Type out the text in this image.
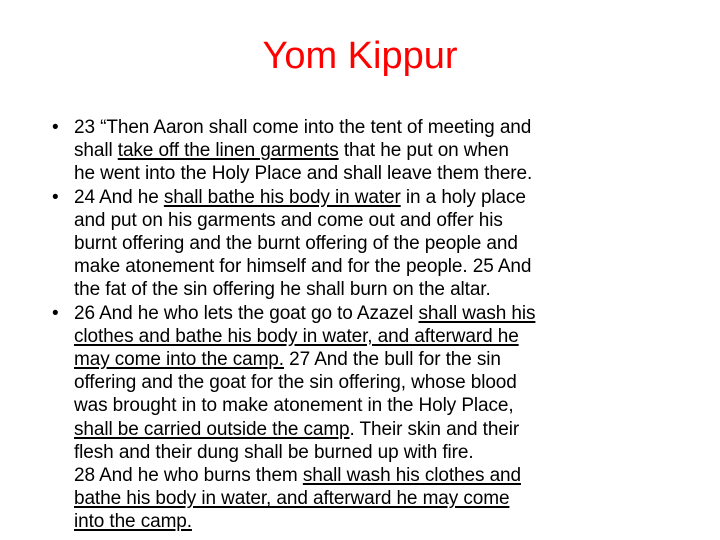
Yom Kippur
• 23 “Then Aaron shall come into the tent of meeting and
shall take off the linen garments that he put on when
he went into the Holy Place and shall leave them there.
• 24 And he shall bathe his body in water in a holy place
and put on his garments and come out and offer his
burnt offering and the burnt offering of the people and
make atonement for himself and for the people. 25 And
the fat of the sin offering he shall burn on the altar.
• 26 And he who lets the goat go to Azazel shall wash his
clothes and bathe his body in water, and afterward he
may come into the camp. 27 And the bull for the sin
offering and the goat for the sin offering, whose blood
was brought in to make atonement in the Holy Place,
shall be carried outside the camp. Their skin and their
flesh and their dung shall be burned up with fire.
28 And he who burns them shall wash his clothes and
bathe his body in water, and afterward he may come
into the camp.
